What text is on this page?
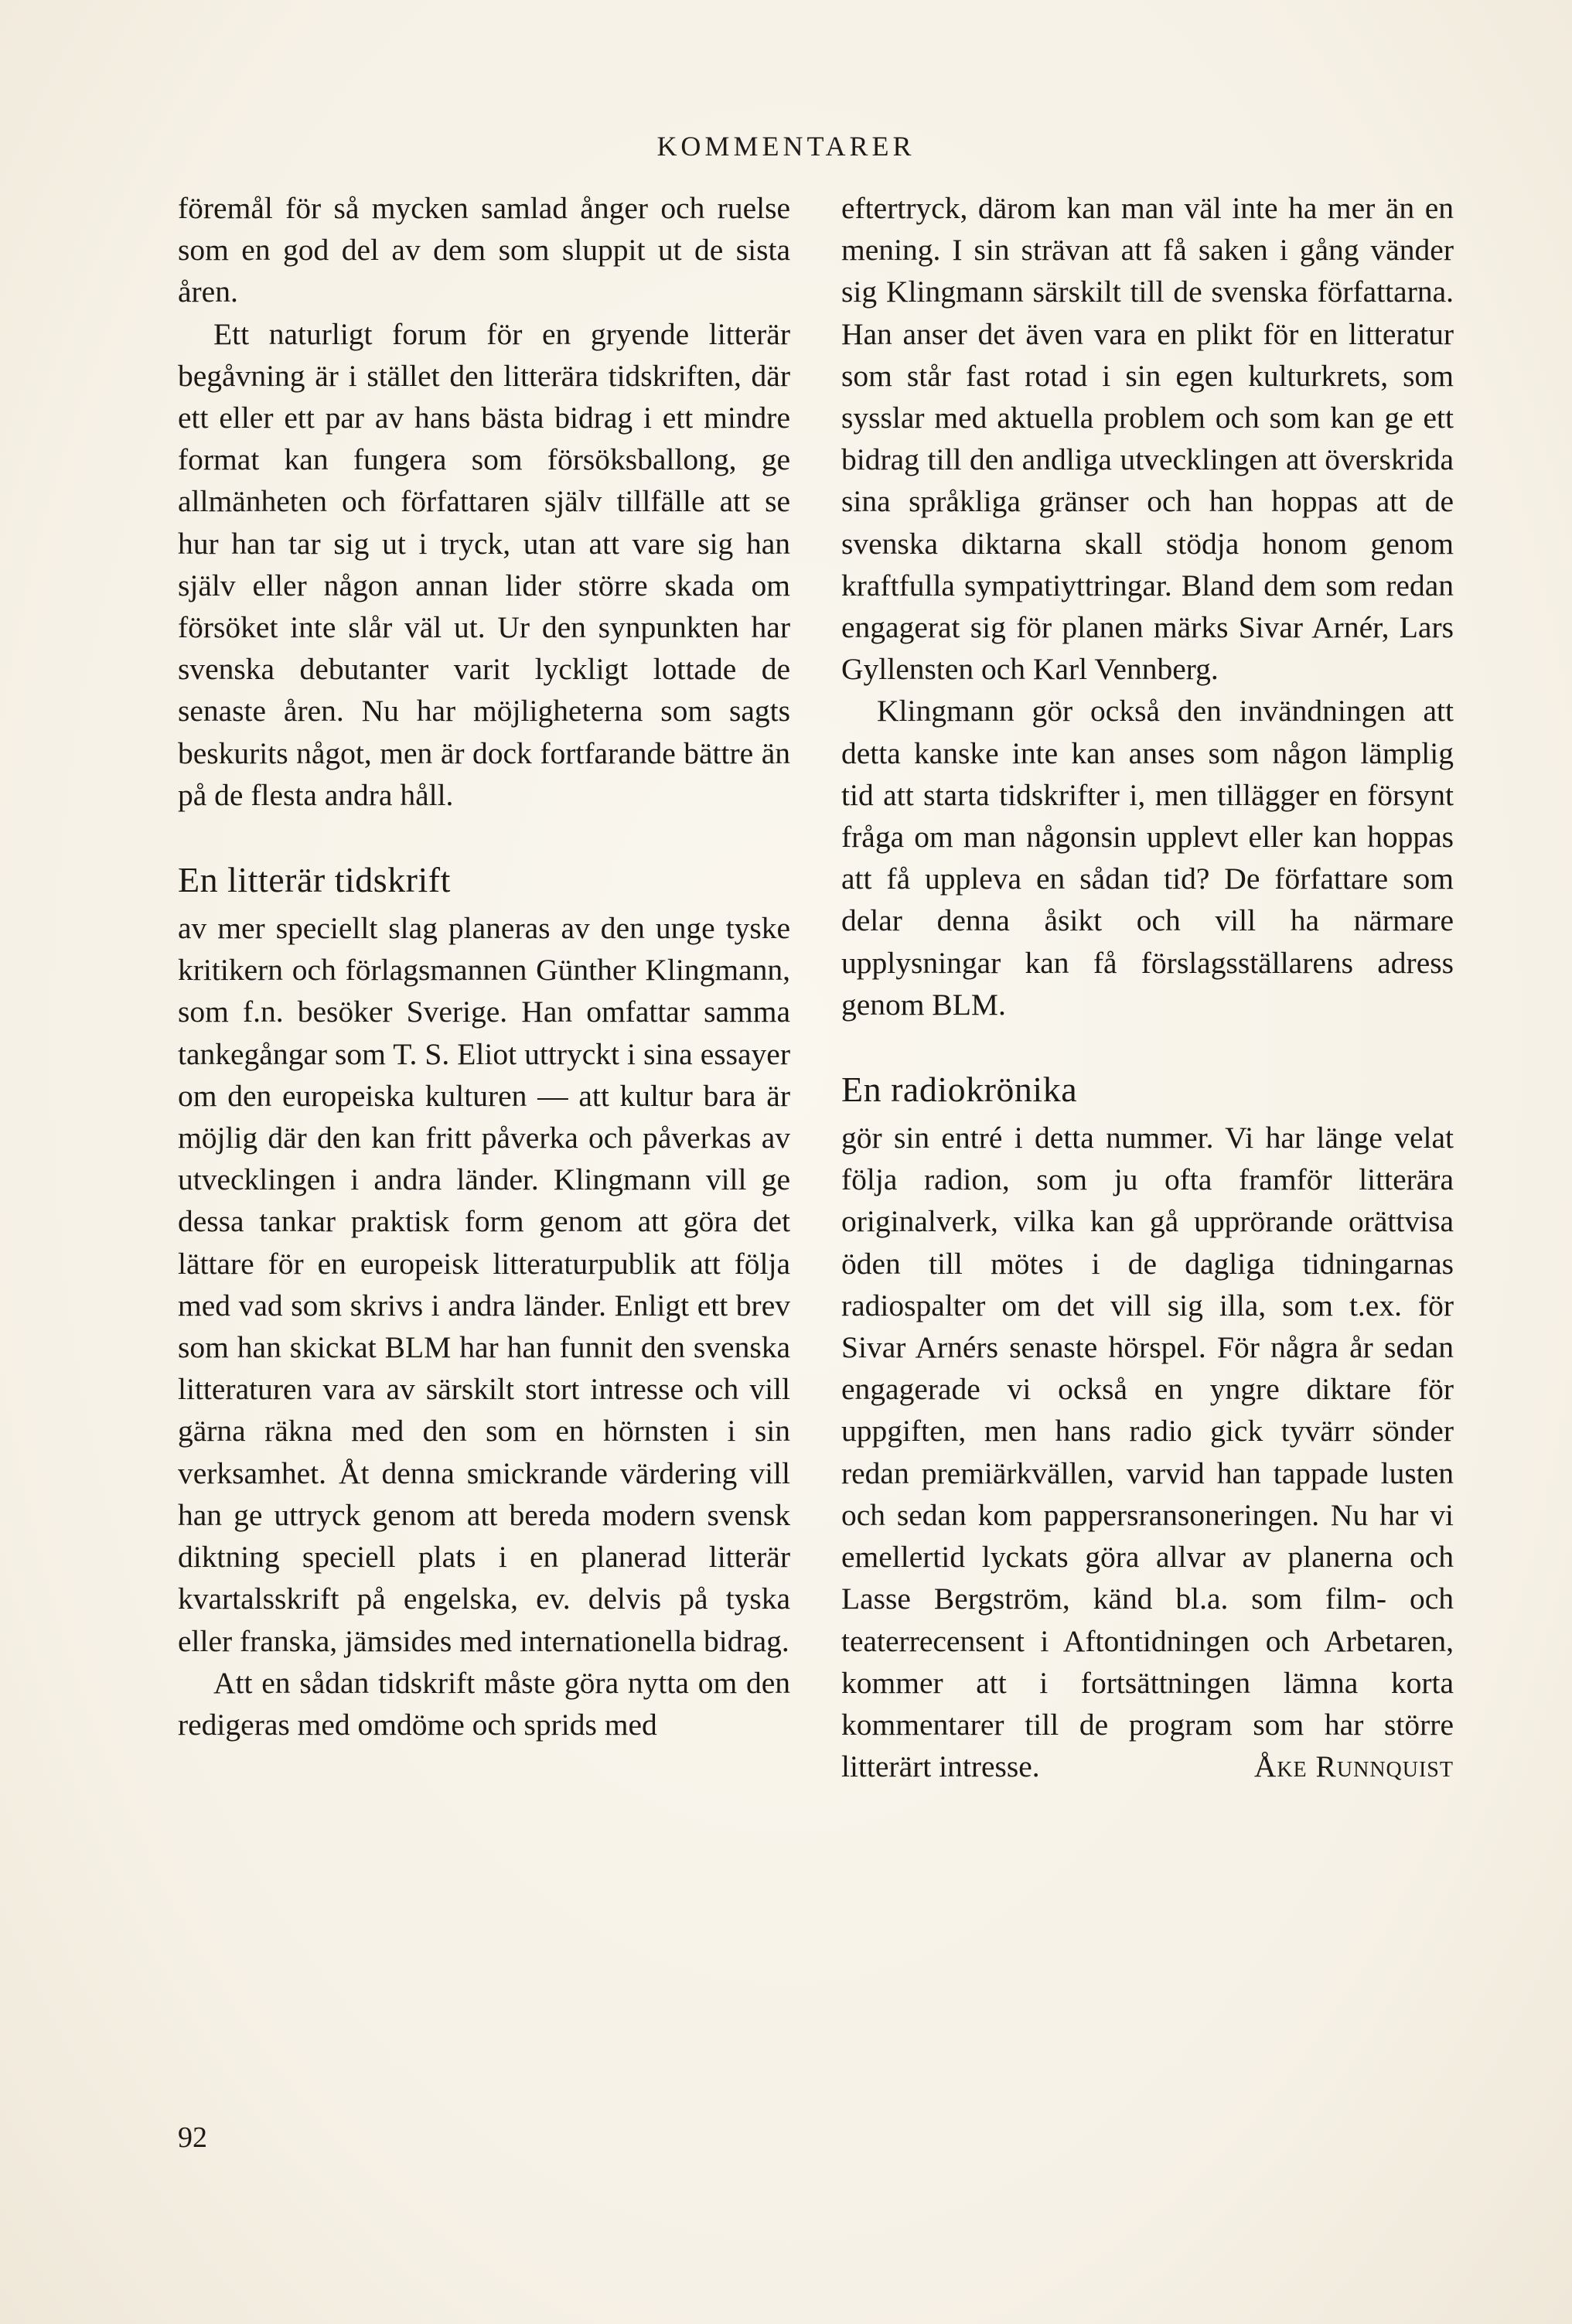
KOMMENTARER

föremål för så mycken samlad ånger och ruelse som en god del av dem som sluppit ut de sista åren.

Ett naturligt forum för en gryende litterär begåvning är i stället den litterära tidskriften, där ett eller ett par av hans bästa bidrag i ett mindre format kan fungera som försöksballong, ge allmänheten och författaren själv tillfälle att se hur han tar sig ut i tryck, utan att vare sig han själv eller någon annan lider större skada om försöket inte slår väl ut. Ur den synpunkten har svenska debutanter varit lyckligt lottade de senaste åren. Nu har möjligheterna som sagts beskurits något, men är dock fortfarande bättre än på de flesta andra håll.

En litterär tidskrift

av mer speciellt slag planeras av den unge tyske kritikern och förlagsmannen Günther Klingmann, som f.n. besöker Sverige. Han omfattar samma tankegångar som T. S. Eliot uttryckt i sina essayer om den europeiska kulturen — att kultur bara är möjlig där den kan fritt påverka och påverkas av utvecklingen i andra länder. Klingmann vill ge dessa tankar praktisk form genom att göra det lättare för en europeisk litteraturpublik att följa med vad som skrivs i andra länder. Enligt ett brev som han skickat BLM har han funnit den svenska litteraturen vara av särskilt stort intresse och vill gärna räkna med den som en hörnsten i sin verksamhet. Åt denna smickrande värdering vill han ge uttryck genom att bereda modern svensk diktning speciell plats i en planerad litterär kvartalsskrift på engelska, ev. delvis på tyska eller franska, jämsides med internationella bidrag.

Att en sådan tidskrift måste göra nytta om den redigeras med omdöme och sprids med

eftertryck, därom kan man väl inte ha mer än en mening. I sin strävan att få saken i gång vänder sig Klingmann särskilt till de svenska författarna. Han anser det även vara en plikt för en litteratur som står fast rotad i sin egen kulturkrets, som sysslar med aktuella problem och som kan ge ett bidrag till den andliga utvecklingen att överskrida sina språkliga gränser och han hoppas att de svenska diktarna skall stödja honom genom kraftfulla sympatiyttringar. Bland dem som redan engagerat sig för planen märks Sivar Arnér, Lars Gyllensten och Karl Vennberg.

Klingmann gör också den invändningen att detta kanske inte kan anses som någon lämplig tid att starta tidskrifter i, men tillägger en försynt fråga om man någonsin upplevt eller kan hoppas att få uppleva en sådan tid? De författare som delar denna åsikt och vill ha närmare upplysningar kan få förslagsställarens adress genom BLM.

En radiokrönika

gör sin entré i detta nummer. Vi har länge velat följa radion, som ju ofta framför litterära originalverk, vilka kan gå upprörande orättvisa öden till mötes i de dagliga tidningarnas radiospalter om det vill sig illa, som t.ex. för Sivar Arnérs senaste hörspel. För några år sedan engagerade vi också en yngre diktare för uppgiften, men hans radio gick tyvärr sönder redan premiärkvällen, varvid han tappade lusten och sedan kom pappersransoneringen. Nu har vi emellertid lyckats göra allvar av planerna och Lasse Bergström, känd bl.a. som film- och teaterrecensent i Aftontidningen och Arbetaren, kommer att i fortsättningen lämna korta kommentarer till de program som har större litterärt intresse.	Åke Runnquist

92
